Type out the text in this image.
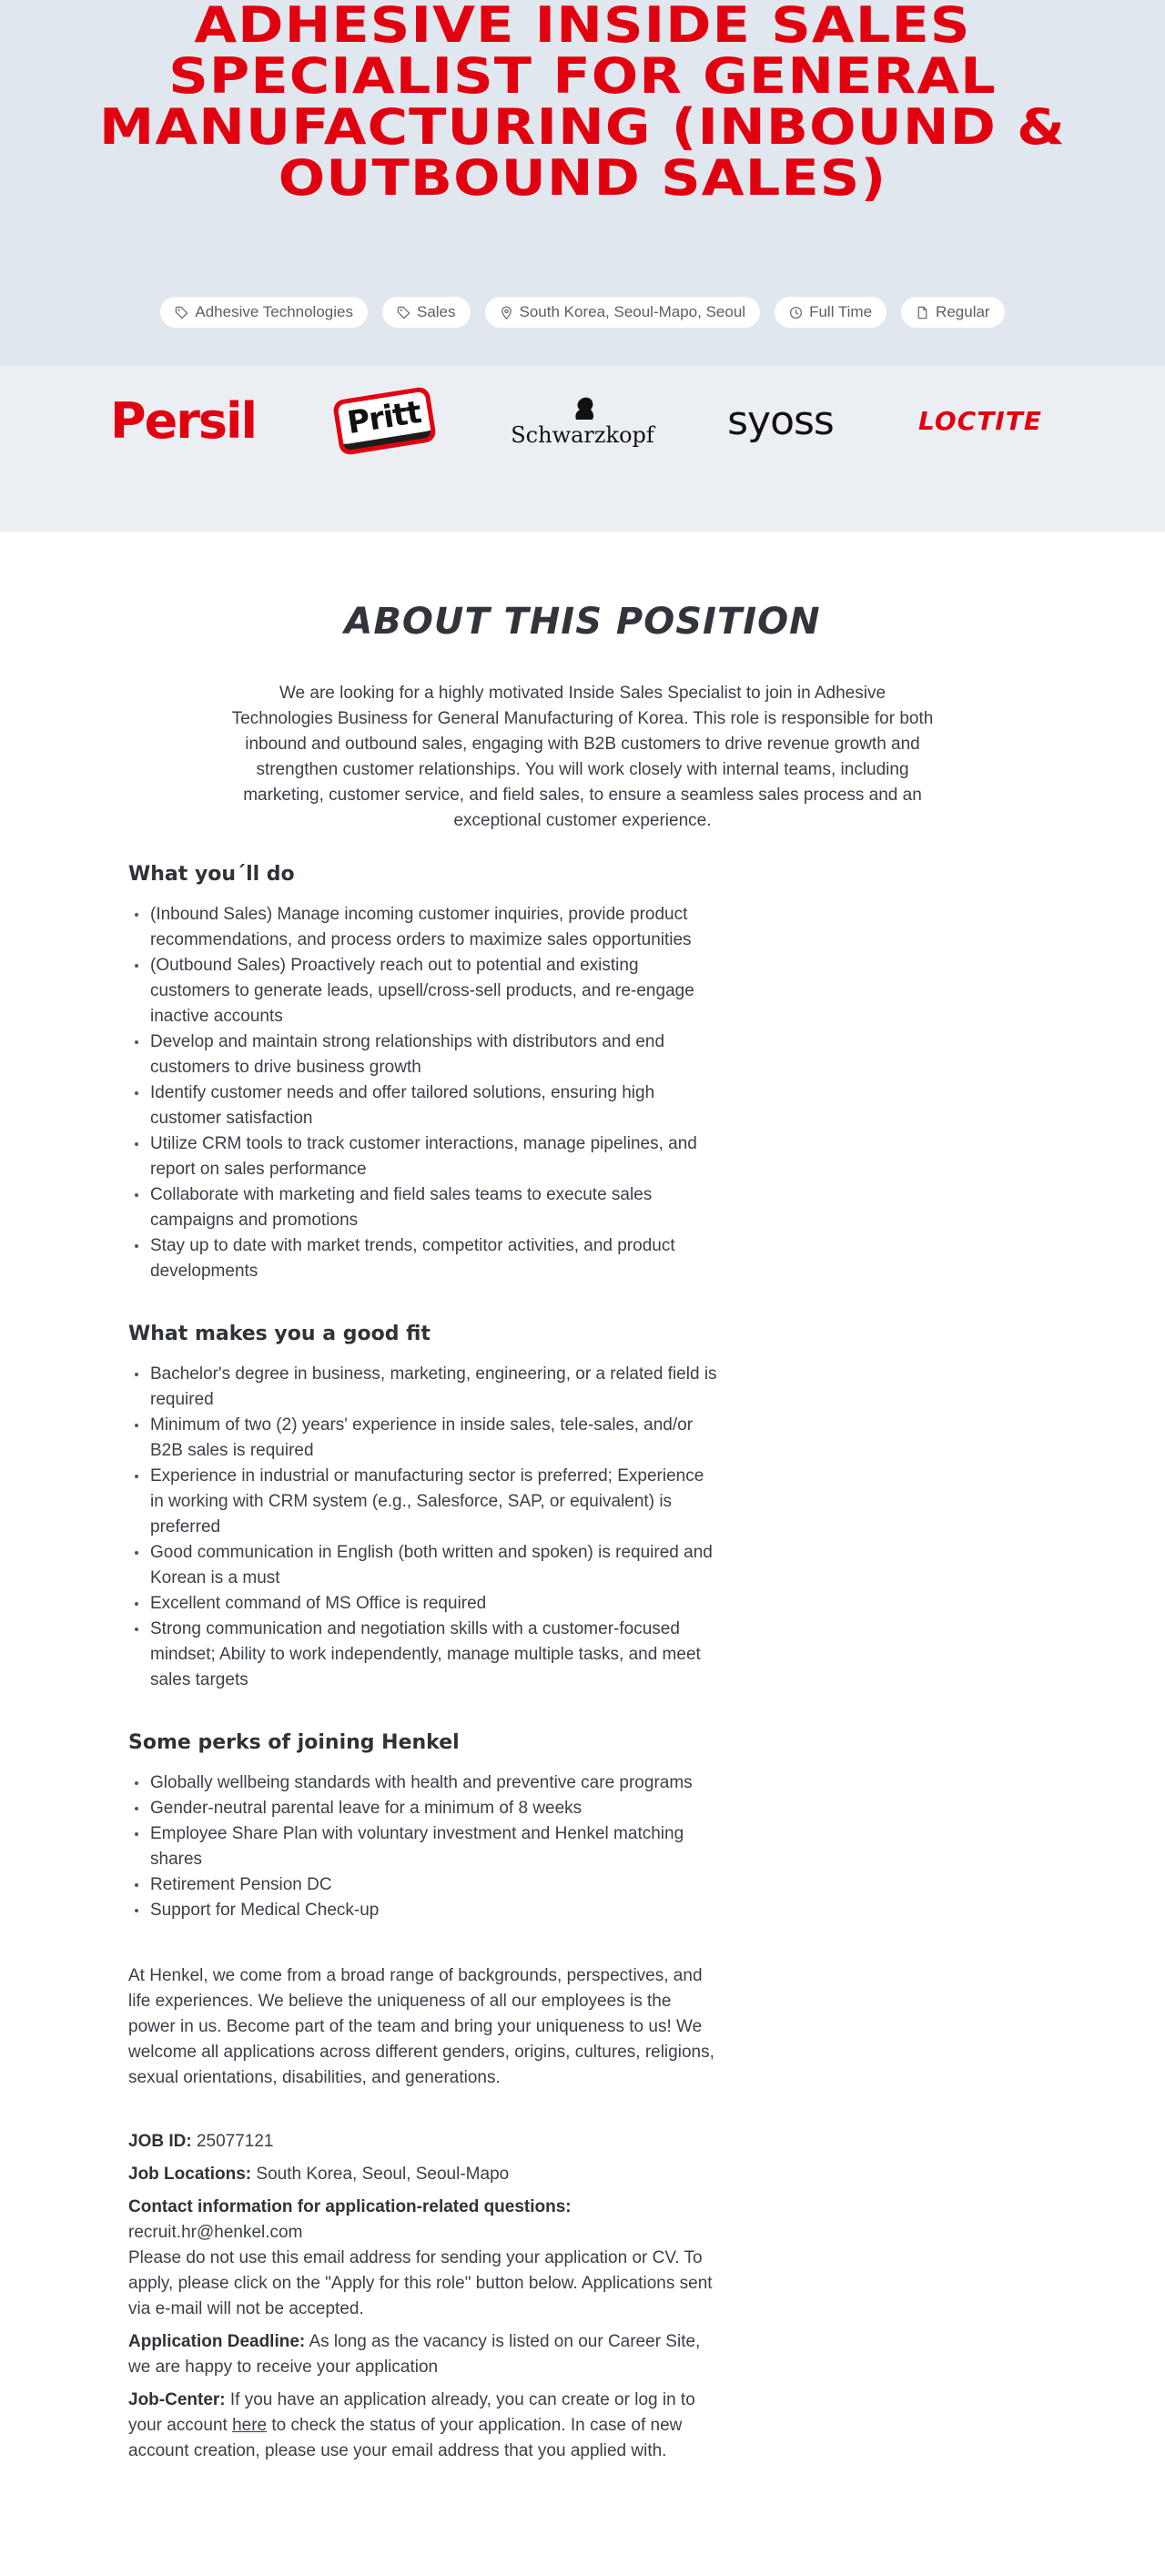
ADHESIVE INSIDE SALES SPECIALIST FOR GENERAL MANUFACTURING (INBOUND & OUTBOUND SALES)
Adhesive Technologies	Sales	South Korea, Seoul-Mapo, Seoul	Full Time	Regular
Persil	Pritt	Schwarzkopf syoss	LOCTITE
ABOUT THIS POSITION

We are looking for a highly motivated Inside Sales Specialist to join in Adhesive Technologies Business for General Manufacturing of Korea. This role is responsible for both inbound and outbound sales, engaging with B2B customers to drive revenue growth and strengthen customer relationships. You will work closely with internal teams, including marketing, customer service, and field sales, to ensure a seamless sales process and an exceptional customer experience.

What you´ll do
(Inbound Sales) Manage incoming customer inquiries, provide product recommendations, and process orders to maximize sales opportunities
(Outbound Sales) Proactively reach out to potential and existing customers to generate leads, upsell/cross-sell products, and re-engage inactive accounts
Develop and maintain strong relationships with distributors and end customers to drive business growth
Identify customer needs and offer tailored solutions, ensuring high customer satisfaction
Utilize CRM tools to track customer interactions, manage pipelines, and report on sales performance
Collaborate with marketing and field sales teams to execute sales campaigns and promotions
Stay up to date with market trends, competitor activities, and product developments
What makes you a good fit
Bachelor's degree in business, marketing, engineering, or a related field is required
Minimum of two (2) years' experience in inside sales, tele-sales, and/or B2B sales is required
Experience in industrial or manufacturing sector is preferred; Experience in working with CRM system (e.g., Salesforce, SAP, or equivalent) is preferred
Good communication in English (both written and spoken) is required and Korean is a must
Excellent command of MS Office is required
Strong communication and negotiation skills with a customer-focused mindset; Ability to work independently, manage multiple tasks, and meet sales targets
Some perks of joining Henkel
Globally wellbeing standards with health and preventive care programs
Gender-neutral parental leave for a minimum of 8 weeks
Employee Share Plan with voluntary investment and Henkel matching shares
Retirement Pension DC
Support for Medical Check-up

At Henkel, we come from a broad range of backgrounds, perspectives, and life experiences. We believe the uniqueness of all our employees is the power in us. Become part of the team and bring your uniqueness to us! We welcome all applications across different genders, origins, cultures, religions, sexual orientations, disabilities, and generations.

JOB ID: 25077121

Job Locations: South Korea, Seoul, Seoul-Mapo

Contact information for application-related questions:
recruit.hr@henkel.com
Please do not use this email address for sending your application or CV. To apply, please click on the "Apply for this role" button below. Applications sent via e-mail will not be accepted.

Application Deadline: As long as the vacancy is listed on our Career Site, we are happy to receive your application

Job-Center: If you have an application already, you can create or log in to your account here to check the status of your application. In case of new account creation, please use your email address that you applied with.
